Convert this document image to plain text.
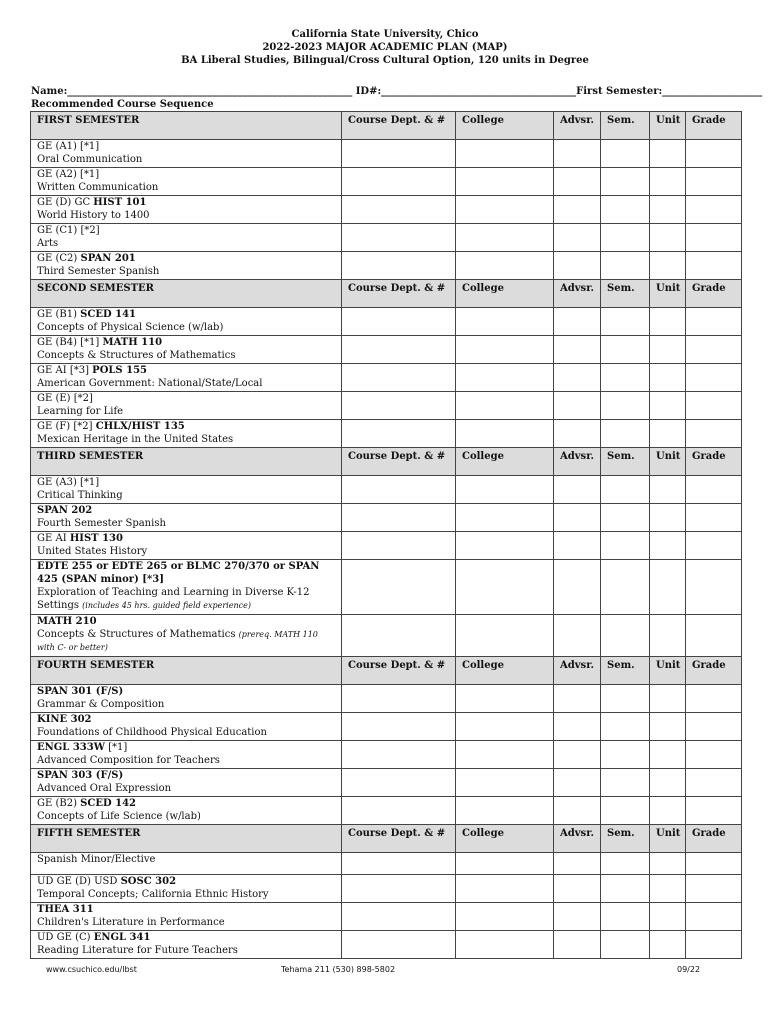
California State University, Chico
2022-2023 MAJOR ACADEMIC PLAN (MAP)
BA Liberal Studies, Bilingual/Cross Cultural Option, 120 units in Degree
Name:_________________________________________________________ ID#:_______________________________________First Semester:____________________
Recommended Course Sequence
FIRST SEMESTER	Course Dept. & #	College	Advsr.	Sem.	Unit	Grade
GE (A1) [*1]
Oral Communication						
GE (A2) [*1]
Written Communication						
GE (D) GC HIST 101
World History to 1400						
GE (C1) [*2]
Arts						
GE (C2) SPAN 201
Third Semester Spanish						
SECOND SEMESTER	Course Dept. & #	College	Advsr.	Sem.	Unit	Grade
GE (B1) SCED 141
Concepts of Physical Science (w/lab)						
GE (B4) [*1] MATH 110
Concepts & Structures of Mathematics						
GE AI [*3] POLS 155
American Government: National/State/Local						
GE (E) [*2]
Learning for Life						
GE (F) [*2] CHLX/HIST 135
Mexican Heritage in the United States						
THIRD SEMESTER	Course Dept. & #	College	Advsr.	Sem.	Unit	Grade
GE (A3) [*1]
Critical Thinking						
SPAN 202
Fourth Semester Spanish						
GE AI HIST 130
United States History						
EDTE 255 or EDTE 265 or BLMC 270/370 or SPAN 425 (SPAN minor) [*3]
Exploration of Teaching and Learning in Diverse K-12 Settings (includes 45 hrs. guided field experience)						
MATH 210
Concepts & Structures of Mathematics (prereq. MATH 110 with C- or better)						
FOURTH SEMESTER	Course Dept. & #	College	Advsr.	Sem.	Unit	Grade
SPAN 301 (F/S)
Grammar & Composition						
KINE 302
Foundations of Childhood Physical Education						
ENGL 333W [*1]
Advanced Composition for Teachers						
SPAN 303 (F/S)
Advanced Oral Expression						
GE (B2) SCED 142
Concepts of Life Science (w/lab)						
FIFTH SEMESTER	Course Dept. & #	College	Advsr.	Sem.	Unit	Grade
Spanish Minor/Elective						
UD GE (D) USD SOSC 302
Temporal Concepts; California Ethnic History						
THEA 311
Children's Literature in Performance						
UD GE (C) ENGL 341
Reading Literature for Future Teachers						
www.csuchico.edu/lbst	Tehama 211 (530) 898-5802	09/22
